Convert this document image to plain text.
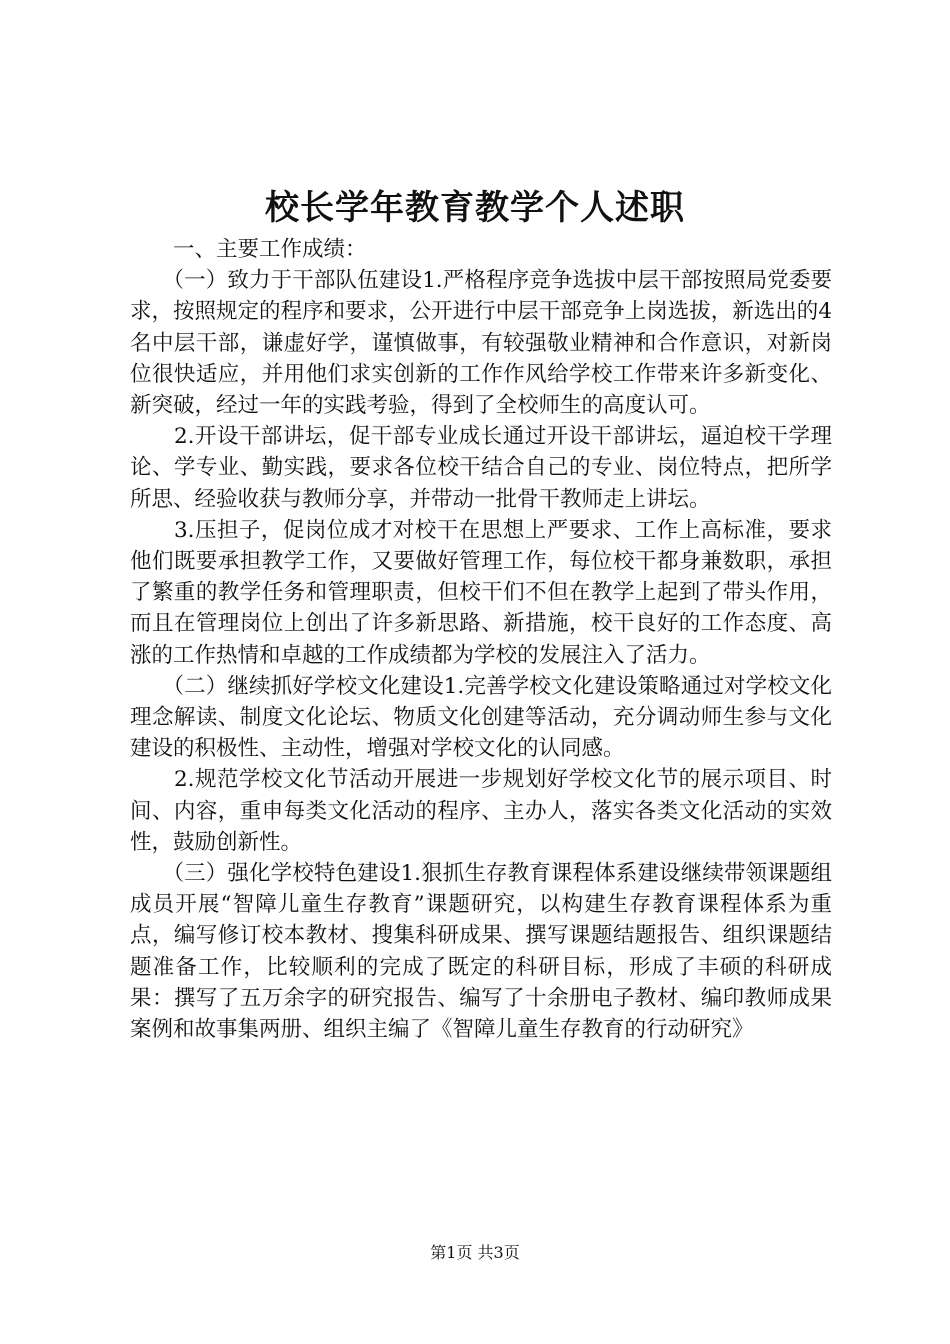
校长学年教育教学个人述职

　　一、主要工作成绩：

　　（一）致力于干部队伍建设1.严格程序竞争选拔中层干部按照局党委要求，按照规定的程序和要求，公开进行中层干部竞争上岗选拔，新选出的4名中层干部，谦虚好学，谨慎做事，有较强敬业精神和合作意识，对新岗位很快适应，并用他们求实创新的工作作风给学校工作带来许多新变化、新突破，经过一年的实践考验，得到了全校师生的高度认可。

　　2.开设干部讲坛，促干部专业成长通过开设干部讲坛，逼迫校干学理论、学专业、勤实践，要求各位校干结合自己的专业、岗位特点，把所学所思、经验收获与教师分享，并带动一批骨干教师走上讲坛。

　　3.压担子，促岗位成才对校干在思想上严要求、工作上高标准，要求他们既要承担教学工作，又要做好管理工作，每位校干都身兼数职，承担了繁重的教学任务和管理职责，但校干们不但在教学上起到了带头作用，而且在管理岗位上创出了许多新思路、新措施，校干良好的工作态度、高涨的工作热情和卓越的工作成绩都为学校的发展注入了活力。

　　（二）继续抓好学校文化建设1.完善学校文化建设策略通过对学校文化理念解读、制度文化论坛、物质文化创建等活动，充分调动师生参与文化建设的积极性、主动性，增强对学校文化的认同感。

　　2.规范学校文化节活动开展进一步规划好学校文化节的展示项目、时间、内容，重申每类文化活动的程序、主办人，落实各类文化活动的实效性，鼓励创新性。

　　（三）强化学校特色建设1.狠抓生存教育课程体系建设继续带领课题组成员开展“智障儿童生存教育”课题研究，以构建生存教育课程体系为重点，编写修订校本教材、搜集科研成果、撰写课题结题报告、组织课题结题准备工作，比较顺利的完成了既定的科研目标，形成了丰硕的科研成果：撰写了五万余字的研究报告、编写了十余册电子教材、编印教师成果案例和故事集两册、组织主编了《智障儿童生存教育的行动研究》

第1页 共3页
